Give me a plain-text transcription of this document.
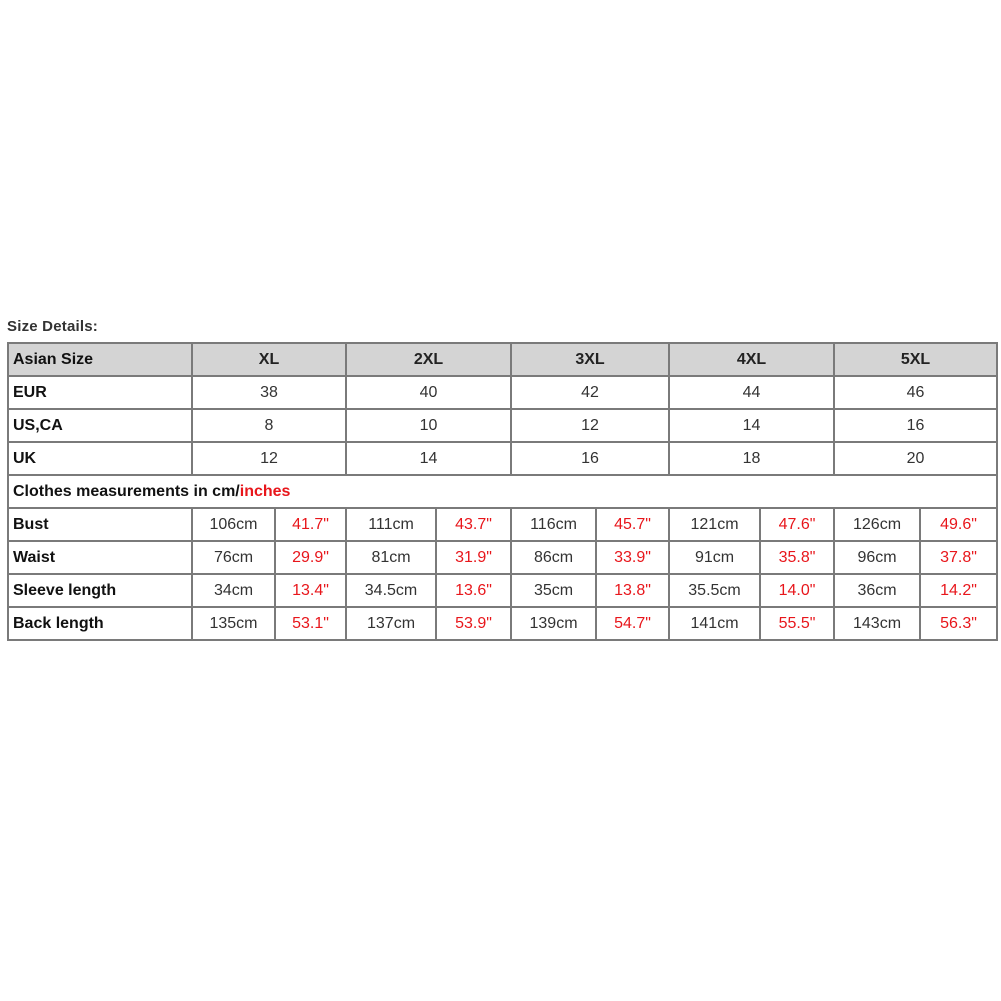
Size Details:
Asian Size	XL		2XL		3XL		4XL		5XL	
EUR	38		40		42		44		46	
US,CA	8		10		12		14		16	
UK	12		14		16		18		20	
Clothes measurements in cm/inches										
Bust	106cm	41.7"	111cm	43.7"	116cm	45.7"	121cm	47.6"	126cm	49.6"
Waist	76cm	29.9"	81cm	31.9"	86cm	33.9"	91cm	35.8"	96cm	37.8"
Sleeve length	34cm	13.4"	34.5cm	13.6"	35cm	13.8"	35.5cm	14.0"	36cm	14.2"
Back length	135cm	53.1"	137cm	53.9"	139cm	54.7"	141cm	55.5"	143cm	56.3"
